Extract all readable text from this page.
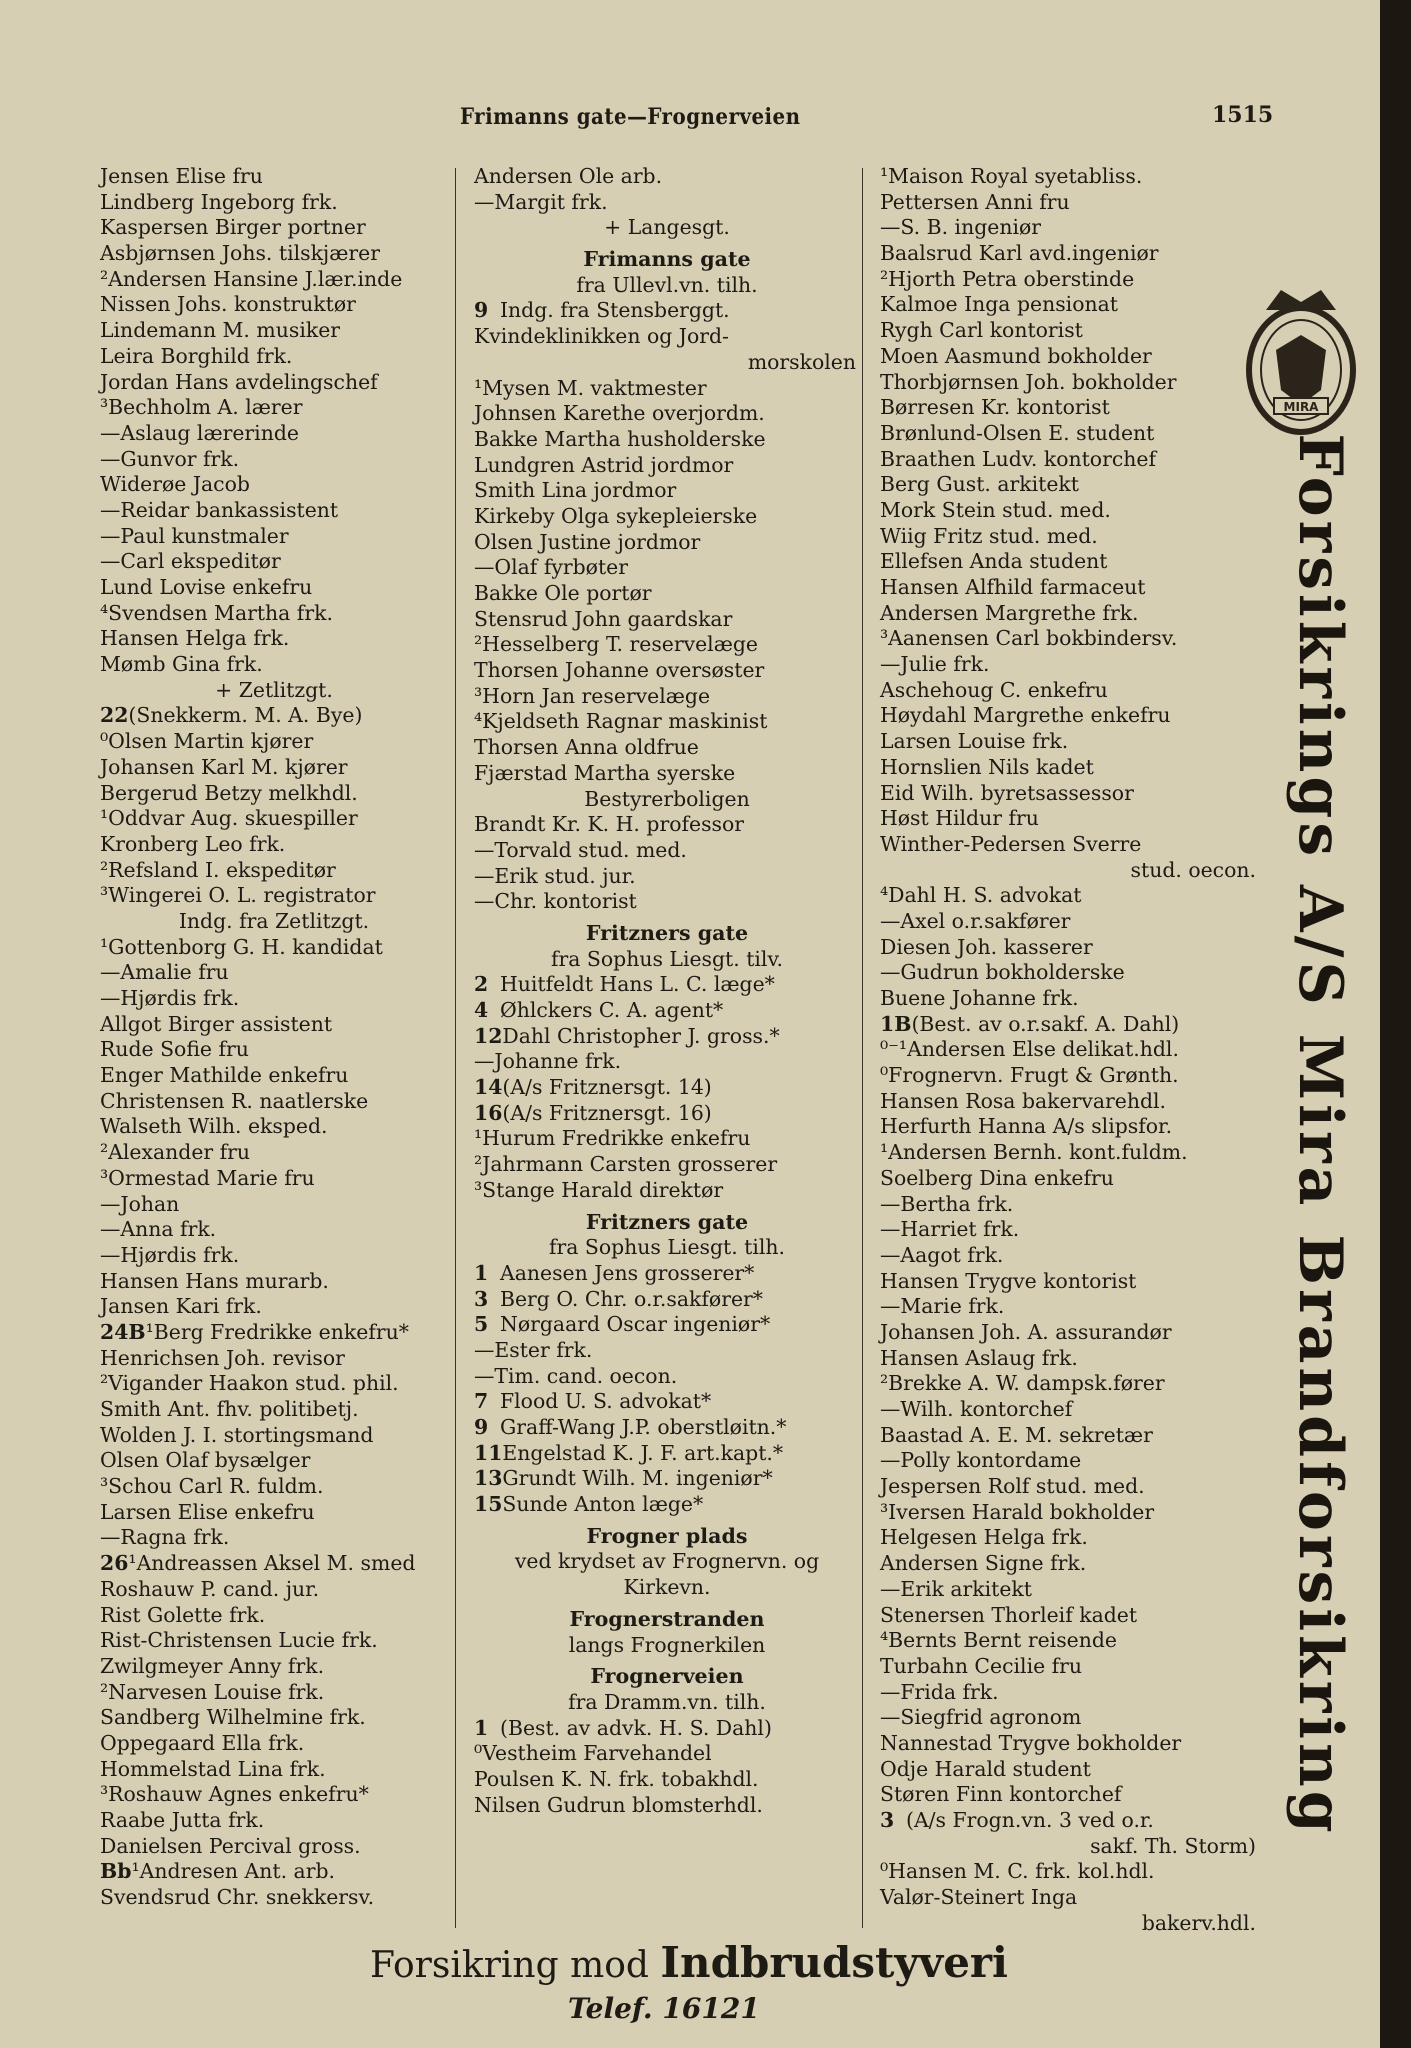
Frimanns gate—Frognerveien	1515
Jensen Elise fru
Lindberg Ingeborg frk.
Kaspersen Birger portner
Asbjørnsen Johs. tilskjærer
²Andersen Hansine J.lær.inde
Nissen Johs. konstruktør
Lindemann M. musiker
Leira Borghild frk.
Jordan Hans avdelingschef
³Bechholm A. lærer
—Aslaug lærerinde
—Gunvor frk.
Widerøe Jacob
—Reidar bankassistent
—Paul kunstmaler
—Carl ekspeditør
Lund Lovise enkefru
⁴Svendsen Martha frk.
Hansen Helga frk.
Mømb Gina frk.
+ Zetlitzgt.
22(Snekkerm. M. A. Bye)
⁰Olsen Martin kjører
Johansen Karl M. kjører
Bergerud Betzy melkhdl.
¹Oddvar Aug. skuespiller
Kronberg Leo frk.
²Refsland I. ekspeditør
³Wingerei O. L. registrator
Indg. fra Zetlitzgt.
¹Gottenborg G. H. kandidat
—Amalie fru
—Hjørdis frk.
Allgot Birger assistent
Rude Sofie fru
Enger Mathilde enkefru
Christensen R. naatlerske
Walseth Wilh. eksped.
²Alexander fru
³Ormestad Marie fru
—Johan
—Anna frk.
—Hjørdis frk.
Hansen Hans murarb.
Jansen Kari frk.
24B¹Berg Fredrikke enkefru*
Henrichsen Joh. revisor
²Vigander Haakon stud. phil.
Smith Ant. fhv. politibetj.
Wolden J. I. stortingsmand
Olsen Olaf bysælger
³Schou Carl R. fuldm.
Larsen Elise enkefru
—Ragna frk.
26¹Andreassen Aksel M. smed
Roshauw P. cand. jur.
Rist Golette frk.
Rist-Christensen Lucie frk.
Zwilgmeyer Anny frk.
²Narvesen Louise frk.
Sandberg Wilhelmine frk.
Oppegaard Ella frk.
Hommelstad Lina frk.
³Roshauw Agnes enkefru*
Raabe Jutta frk.
Danielsen Percival gross.
Bb¹Andresen Ant. arb.
Svendsrud Chr. snekkersv.
Andersen Ole arb.
—Margit frk.
+ Langesgt.
Frimanns gate
fra Ullevl.vn. tilh.
9 Indg. fra Stensberggt.
Kvindeklinikken og Jord-
morskolen
¹Mysen M. vaktmester
Johnsen Karethe overjordm.
Bakke Martha husholderske
Lundgren Astrid jordmor
Smith Lina jordmor
Kirkeby Olga sykepleierske
Olsen Justine jordmor
—Olaf fyrbøter
Bakke Ole portør
Stensrud John gaardskar
²Hesselberg T. reservelæge
Thorsen Johanne oversøster
³Horn Jan reservelæge
⁴Kjeldseth Ragnar maskinist
Thorsen Anna oldfrue
Fjærstad Martha syerske
Bestyrerboligen
Brandt Kr. K. H. professor
—Torvald stud. med.
—Erik stud. jur.
—Chr. kontorist
Fritzners gate
fra Sophus Liesgt. tilv.
2 Huitfeldt Hans L. C. læge*
4 Øhlckers C. A. agent*
12Dahl Christopher J. gross.*
—Johanne frk.
14(A/s Fritznersgt. 14)
16(A/s Fritznersgt. 16)
¹Hurum Fredrikke enkefru
²Jahrmann Carsten grosserer
³Stange Harald direktør
Fritzners gate
fra Sophus Liesgt. tilh.
1 Aanesen Jens grosserer*
3 Berg O. Chr. o.r.sakfører*
5 Nørgaard Oscar ingeniør*
—Ester frk.
—Tim. cand. oecon.
7 Flood U. S. advokat*
9 Graff-Wang J.P. oberstløitn.*
11Engelstad K. J. F. art.kapt.*
13Grundt Wilh. M. ingeniør*
15Sunde Anton læge*
Frogner plads
ved krydset av Frognervn. og
Kirkevn.
Frognerstranden
langs Frognerkilen
Frognerveien
fra Dramm.vn. tilh.
1 (Best. av advk. H. S. Dahl)
⁰Vestheim Farvehandel
Poulsen K. N. frk. tobakhdl.
Nilsen Gudrun blomsterhdl.
¹Maison Royal syetabliss.
Pettersen Anni fru
—S. B. ingeniør
Baalsrud Karl avd.ingeniør
²Hjorth Petra oberstinde
Kalmoe Inga pensionat
Rygh Carl kontorist
Moen Aasmund bokholder
Thorbjørnsen Joh. bokholder
Børresen Kr. kontorist
Brønlund-Olsen E. student
Braathen Ludv. kontorchef
Berg Gust. arkitekt
Mork Stein stud. med.
Wiig Fritz stud. med.
Ellefsen Anda student
Hansen Alfhild farmaceut
Andersen Margrethe frk.
³Aanensen Carl bokbindersv.
—Julie frk.
Aschehoug C. enkefru
Høydahl Margrethe enkefru
Larsen Louise frk.
Hornslien Nils kadet
Eid Wilh. byretsassessor
Høst Hildur fru
Winther-Pedersen Sverre
stud. oecon.
⁴Dahl H. S. advokat
—Axel o.r.sakfører
Diesen Joh. kasserer
—Gudrun bokholderske
Buene Johanne frk.
1B(Best. av o.r.sakf. A. Dahl)
⁰⁻¹Andersen Else delikat.hdl.
⁰Frognervn. Frugt & Grønth.
Hansen Rosa bakervarehdl.
Herfurth Hanna A/s slipsfor.
¹Andersen Bernh. kont.fuldm.
Soelberg Dina enkefru
—Bertha frk.
—Harriet frk.
—Aagot frk.
Hansen Trygve kontorist
—Marie frk.
Johansen Joh. A. assurandør
Hansen Aslaug frk.
²Brekke A. W. dampsk.fører
—Wilh. kontorchef
Baastad A. E. M. sekretær
—Polly kontordame
Jespersen Rolf stud. med.
³Iversen Harald bokholder
Helgesen Helga frk.
Andersen Signe frk.
—Erik arkitekt
Stenersen Thorleif kadet
⁴Bernts Bernt reisende
Turbahn Cecilie fru
—Frida frk.
—Siegfrid agronom
Nannestad Trygve bokholder
Odje Harald student
Støren Finn kontorchef
3 (A/s Frogn.vn. 3 ved o.r.
sakf. Th. Storm)
⁰Hansen M. C. frk. kol.hdl.
Valør-Steinert Inga
bakerv.hdl.
MIRA
Forsikrings A/S Mira Brandforsikring
Forsikring mod Indbrudstyveri
Telef. 16121
